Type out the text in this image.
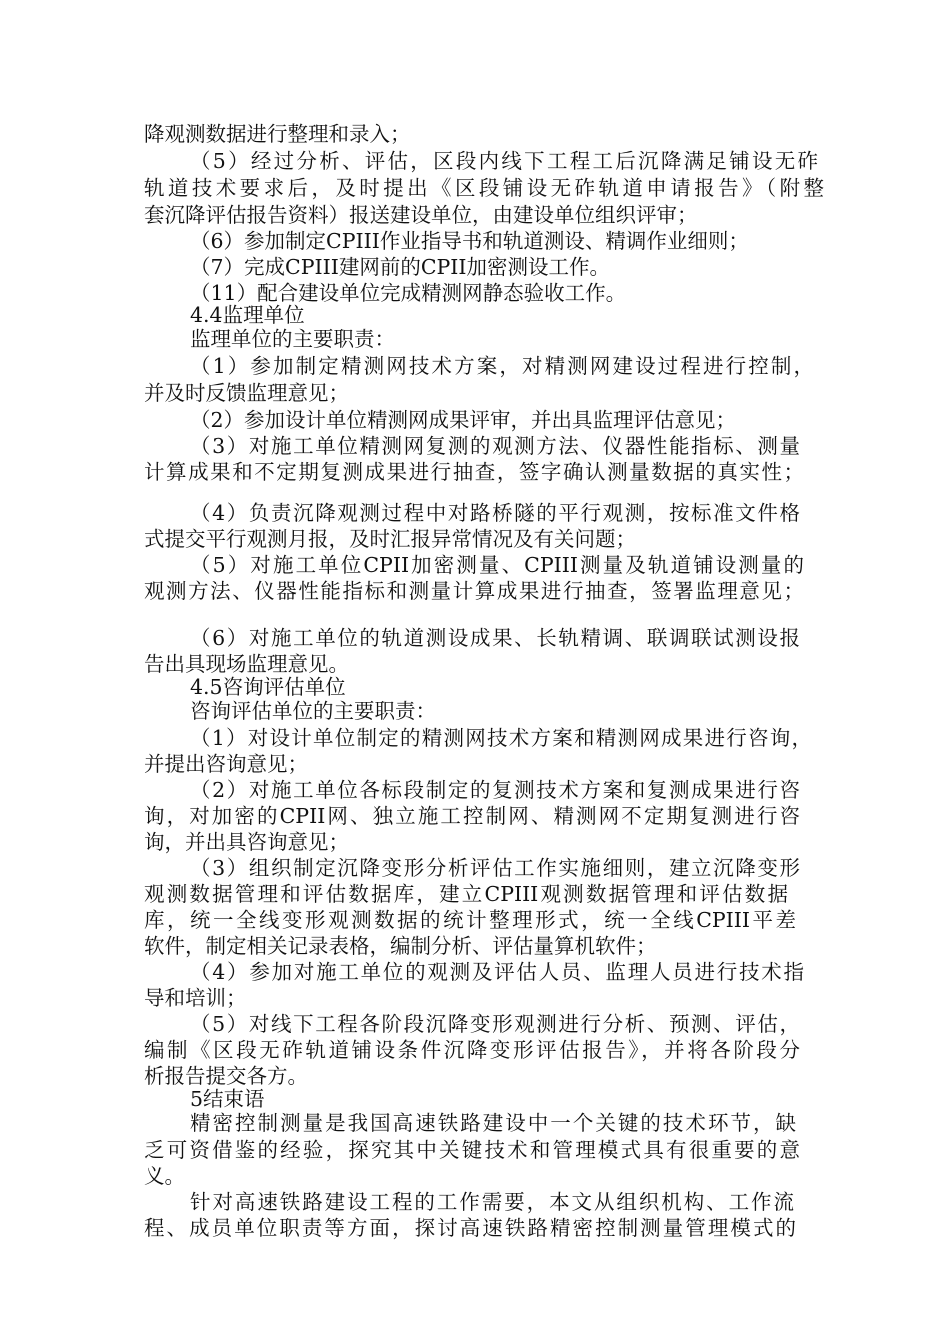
降观测数据进行整理和录入；
（5）经过分析、评估，区段内线下工程工后沉降满足铺设无砟
轨道技术要求后，及时提出《区段铺设无砟轨道申请报告》（附整
套沉降评估报告资料）报送建设单位，由建设单位组织评审；
（6）参加制定CPIII作业指导书和轨道测设、精调作业细则；
（7）完成CPIII建网前的CPII加密测设工作。
（11）配合建设单位完成精测网静态验收工作。
4.4监理单位
监理单位的主要职责：
（1）参加制定精测网技术方案，对精测网建设过程进行控制，
并及时反馈监理意见；
（2）参加设计单位精测网成果评审，并出具监理评估意见；
（3）对施工单位精测网复测的观测方法、仪器性能指标、测量
计算成果和不定期复测成果进行抽查，签字确认测量数据的真实性；
（4）负责沉降观测过程中对路桥隧的平行观测，按标准文件格
式提交平行观测月报，及时汇报异常情况及有关问题；
（5）对施工单位CPII加密测量、CPIII测量及轨道铺设测量的
观测方法、仪器性能指标和测量计算成果进行抽查，签署监理意见；
（6）对施工单位的轨道测设成果、长轨精调、联调联试测设报
告出具现场监理意见。
4.5咨询评估单位
咨询评估单位的主要职责：
（1）对设计单位制定的精测网技术方案和精测网成果进行咨询，
并提出咨询意见；
（2）对施工单位各标段制定的复测技术方案和复测成果进行咨
询，对加密的CPII网、独立施工控制网、精测网不定期复测进行咨
询，并出具咨询意见；
（3）组织制定沉降变形分析评估工作实施细则，建立沉降变形
观测数据管理和评估数据库，建立CPIII观测数据管理和评估数据
库，统一全线变形观测数据的统计整理形式，统一全线CPIII平差
软件，制定相关记录表格，编制分析、评估量算机软件；
（4）参加对施工单位的观测及评估人员、监理人员进行技术指
导和培训；
（5）对线下工程各阶段沉降变形观测进行分析、预测、评估，
编制《区段无砟轨道铺设条件沉降变形评估报告》，并将各阶段分
析报告提交各方。
5结束语
精密控制测量是我国高速铁路建设中一个关键的技术环节，缺
乏可资借鉴的经验，探究其中关键技术和管理模式具有很重要的意
义。
针对高速铁路建设工程的工作需要，本文从组织机构、工作流
程、成员单位职责等方面，探讨高速铁路精密控制测量管理模式的
